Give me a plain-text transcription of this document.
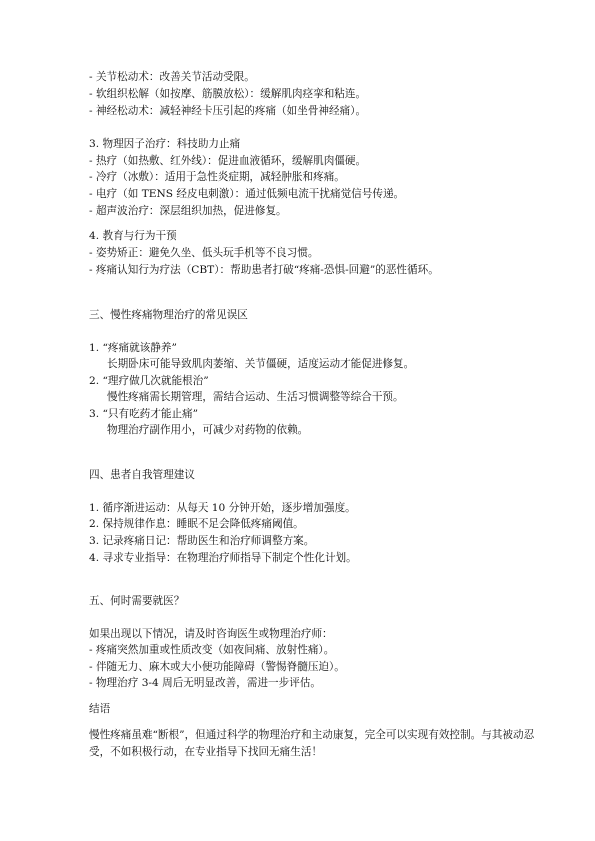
- 关节松动术：改善关节活动受限。
- 软组织松解（如按摩、筋膜放松）：缓解肌肉痉挛和粘连。
- 神经松动术：减轻神经卡压引起的疼痛（如坐骨神经痛）。
3. 物理因子治疗：科技助力止痛
- 热疗（如热敷、红外线）：促进血液循环，缓解肌肉僵硬。
- 冷疗（冰敷）：适用于急性炎症期，减轻肿胀和疼痛。
- 电疗（如 TENS 经皮电刺激）：通过低频电流干扰痛觉信号传递。
- 超声波治疗：深层组织加热，促进修复。
4. 教育与行为干预
- 姿势矫正：避免久坐、低头玩手机等不良习惯。
- 疼痛认知行为疗法（CBT）：帮助患者打破“疼痛-恐惧-回避”的恶性循环。
三、慢性疼痛物理治疗的常见误区
1. “疼痛就该静养”
长期卧床可能导致肌肉萎缩、关节僵硬，适度运动才能促进修复。
2. “理疗做几次就能根治”
慢性疼痛需长期管理，需结合运动、生活习惯调整等综合干预。
3. “只有吃药才能止痛”
物理治疗副作用小，可减少对药物的依赖。
四、患者自我管理建议
1. 循序渐进运动：从每天 10 分钟开始，逐步增加强度。
2. 保持规律作息：睡眠不足会降低疼痛阈值。
3. 记录疼痛日记：帮助医生和治疗师调整方案。
4. 寻求专业指导：在物理治疗师指导下制定个性化计划。
五、何时需要就医？
如果出现以下情况，请及时咨询医生或物理治疗师：
- 疼痛突然加重或性质改变（如夜间痛、放射性痛）。
- 伴随无力、麻木或大小便功能障碍（警惕脊髓压迫）。
- 物理治疗 3-4 周后无明显改善，需进一步评估。
结语
慢性疼痛虽难“断根”，但通过科学的物理治疗和主动康复，完全可以实现有效控制。与其被动忍受，不如积极行动，在专业指导下找回无痛生活！
